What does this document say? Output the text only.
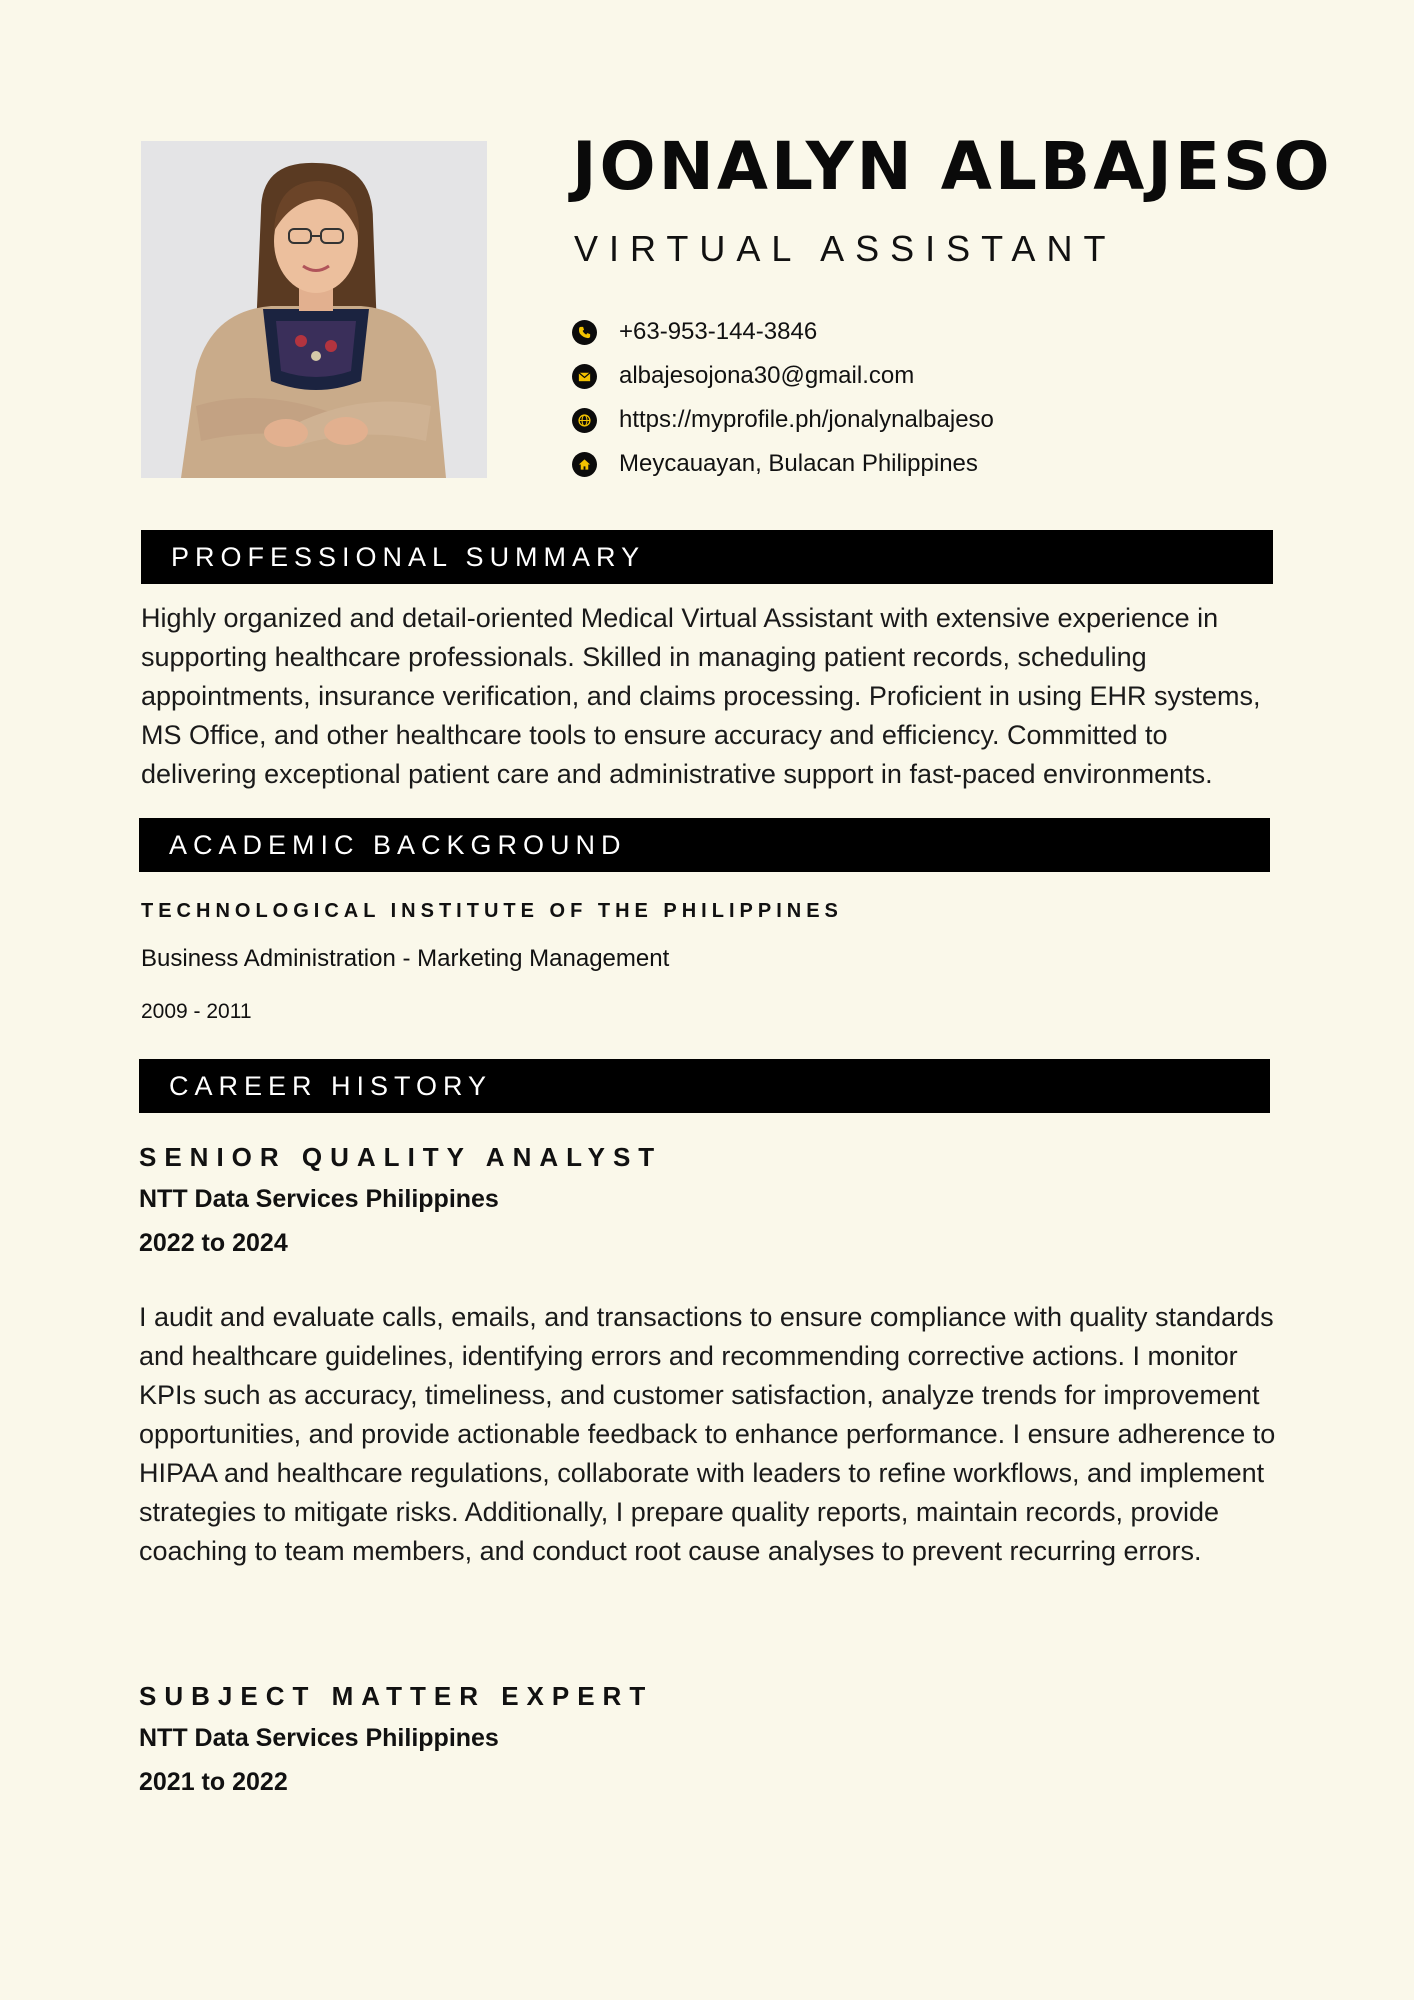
JONALYN ALBAJESO
VIRTUAL ASSISTANT
+63-953-144-3846
albajesojona30@gmail.com
https://myprofile.ph/jonalynalbajeso
Meycauayan, Bulacan Philippines
PROFESSIONAL SUMMARY
Highly organized and detail-oriented Medical Virtual Assistant with extensive experience in supporting healthcare professionals. Skilled in managing patient records, scheduling appointments, insurance verification, and claims processing. Proficient in using EHR systems, MS Office, and other healthcare tools to ensure accuracy and efficiency. Committed to delivering exceptional patient care and administrative support in fast-paced environments.
ACADEMIC BACKGROUND
TECHNOLOGICAL INSTITUTE OF THE PHILIPPINES
Business Administration - Marketing Management
2009 - 2011
CAREER HISTORY
SENIOR QUALITY ANALYST
NTT Data Services Philippines
2022 to 2024
I audit and evaluate calls, emails, and transactions to ensure compliance with quality standards and healthcare guidelines, identifying errors and recommending corrective actions. I monitor KPIs such as accuracy, timeliness, and customer satisfaction, analyze trends for improvement opportunities, and provide actionable feedback to enhance performance. I ensure adherence to HIPAA and healthcare regulations, collaborate with leaders to refine workflows, and implement strategies to mitigate risks. Additionally, I prepare quality reports, maintain records, provide coaching to team members, and conduct root cause analyses to prevent recurring errors.
SUBJECT MATTER EXPERT
NTT Data Services Philippines
2021 to 2022
